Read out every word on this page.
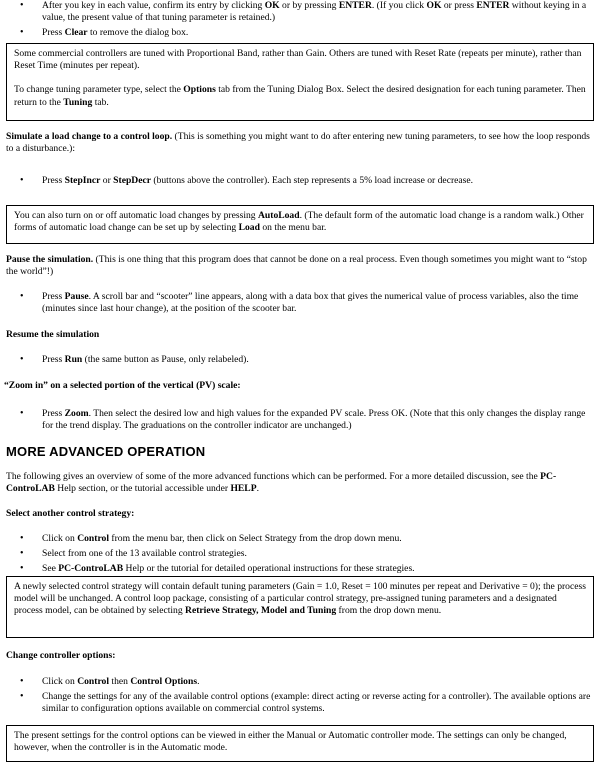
• After you key in each value, confirm its entry by clicking OK or by pressing ENTER. (If you click OK or press ENTER without keying in a value, the present value of that tuning parameter is retained.)
• Press Clear to remove the dialog box.

Some commercial controllers are tuned with Proportional Band, rather than Gain. Others are tuned with Reset Rate (repeats per minute), rather than Reset Time (minutes per repeat).

To change tuning parameter type, select the Options tab from the Tuning Dialog Box. Select the desired designation for each tuning parameter. Then return to the Tuning tab.

Simulate a load change to a control loop. (This is something you might want to do after entering new tuning parameters, to see how the loop responds to a disturbance.):
• Press StepIncr or StepDecr (buttons above the controller). Each step represents a 5% load increase or decrease.

You can also turn on or off automatic load changes by pressing AutoLoad. (The default form of the automatic load change is a random walk.) Other forms of automatic load change can be set up by selecting Load on the menu bar.

Pause the simulation. (This is one thing that this program does that cannot be done on a real process. Even though sometimes you might want to “stop the world”!)
• Press Pause. A scroll bar and “scooter” line appears, along with a data box that gives the numerical value of process variables, also the time (minutes since last hour change), at the position of the scooter bar.
Resume the simulation
• Press Run (the same button as Pause, only relabeled).
“Zoom in” on a selected portion of the vertical (PV) scale:
• Press Zoom. Then select the desired low and high values for the expanded PV scale. Press OK. (Note that this only changes the display range for the trend display. The graduations on the controller indicator are unchanged.)
MORE ADVANCED OPERATION
The following gives an overview of some of the more advanced functions which can be performed. For a more detailed discussion, see the PC-ControLAB Help section, or the tutorial accessible under HELP.
Select another control strategy:
• Click on Control from the menu bar, then click on Select Strategy from the drop down menu.
• Select from one of the 13 available control strategies.
• See PC-ControLAB Help or the tutorial for detailed operational instructions for these strategies.

A newly selected control strategy will contain default tuning parameters (Gain = 1.0, Reset = 100 minutes per repeat and Derivative = 0); the process model will be unchanged. A control loop package, consisting of a particular control strategy, pre-assigned tuning parameters and a designated process model, can be obtained by selecting Retrieve Strategy, Model and Tuning from the drop down menu.

Change controller options:
• Click on Control then Control Options.
• Change the settings for any of the available control options (example: direct acting or reverse acting for a controller). The available options are similar to configuration options available on commercial control systems.

The present settings for the control options can be viewed in either the Manual or Automatic controller mode. The settings can only be changed, however, when the controller is in the Automatic mode.
